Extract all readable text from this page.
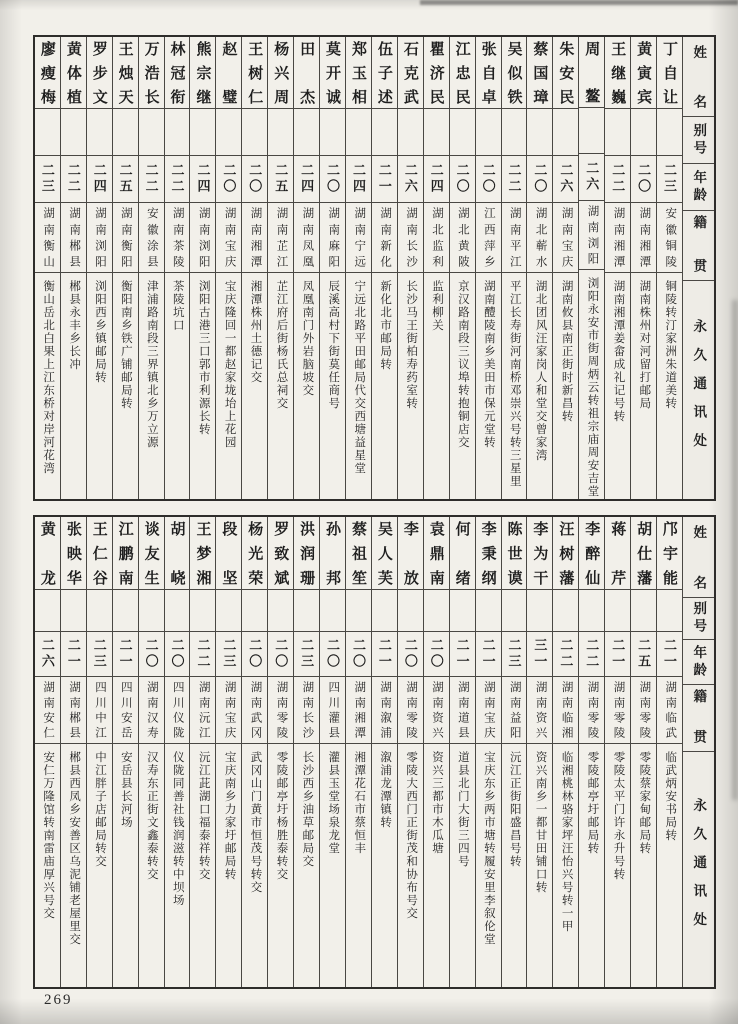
姓名
别号
年龄
籍贯
永久通讯处
丁自让
二三
安徽铜陵
铜陵转汀家洲朱道美转
黄寅宾
二〇
湖南湘潭
湖南株州对河留打邮局
王继巍
二二
湖南湘潭
湖南湘潭姜畲成礼记号转
周鳌
二六
湖南浏阳
浏阳永安市街周炳云转祖宗庙周安吉堂
朱安民
二六
湖南宝庆
湖南攸县南正街时新昌转
蔡国璋
二〇
湖北蕲水
湖北团风汪家岗人和堂交曾家湾
吴似铁
二二
湖南平江
平江长寿街河南桥邓崇兴号转三星里
张自卓
二〇
江西萍乡
湖南醴陵南乡美田市保元堂转
江忠民
二〇
湖北黄陂
京汉路南段三议埠转抱铜店交
瞿济民
二四
湖北监利
监利柳关
石克武
二六
湖南长沙
长沙马王街柏寿药室转
伍子述
二一
湖南新化
新化北市邮局转
郑玉相
二四
湖南宁远
宁远北路平田邮局代交西塘益星堂
莫开诚
二〇
湖南麻阳
辰溪高村下街莫任商号
田杰
二四
湖南凤凰
凤凰南门外岩脑坡交
杨兴周
二五
湖南芷江
芷江府后街杨氏总祠交
王树仁
二〇
湖南湘潭
湘潭株州土德记交
赵璧
二〇
湖南宝庆
宝庆隆回一都赵家垅坮上花园
熊宗继
二四
湖南浏阳
浏阳古港三口郭市利源长转
林冠衔
二二
湖南茶陵
茶陵坑口
万浩长
二二
安徽涂县
津浦路南段三界镇北乡万立源
王烛天
二五
湖南衡阳
衡阳南乡铁广铺邮局转
罗步文
二四
湖南浏阳
浏阳西乡镇邮局转
黄体植
二二
湖南郴县
郴县永丰乡长冲
廖瘦梅
二三
湖南衡山
衡山岳北白果上江东桥对岸河花湾
姓名
别号
年龄
籍贯
永久通讯处
邝宇能
二一
湖南临武
临武炳安书局转
胡仕藩
二五
湖南零陵
零陵蔡家甸邮局转
蒋芹
二一
湖南零陵
零陵太平门许永升号转
李醉仙
二二
湖南零陵
零陵邮亭圩邮局转
汪树藩
二二
湖南临湘
临湘桃林骆家坪汪怡兴号转一甲
李为干
三一
湖南资兴
资兴南乡一都甘田铺口转
陈世谟
二三
湖南益阳
沅江正街阳盛昌号转
李秉纲
二一
湖南宝庆
宝庆东乡两市塘转履安里李叙伦堂
何绪
二一
湖南道县
道县北门大街三四号
袁鼎南
二〇
湖南资兴
资兴三都市木瓜塘
李放
二〇
湖南零陵
零陵大西门正街茂和协布号交
吴人芙
二一
湖南溆浦
溆浦龙潭镇转
蔡祖笙
二〇
湖南湘潭
湘潭花石市蔡恒丰
孙邦
二〇
四川灌县
灌县玉堂场泉龙堂
洪润珊
二三
湖南长沙
长沙西乡油草邮局交
罗致斌
二〇
湖南零陵
零陵邮亭圩杨胜泰转交
杨光荣
二〇
湖南武冈
武冈山门黄市恒茂号转交
段坚
二三
湖南宝庆
宝庆南乡力家圩邮局转
王梦湘
二二
湖南沅江
沅江茈湖口福泰祥转交
胡峣
二〇
四川仪陇
仪陇同善社钱润滋转中坝场
谈友生
二〇
湖南汉寿
汉寿东正街文鑫泰转交
江鹏南
二一
四川安岳
安岳县长河场
王仁谷
二三
四川中江
中江胖子店邮局转交
张映华
二一
湖南郴县
郴县西凤乡安善区乌泥铺老屋里交
黄龙
二六
湖南安仁
安仁万隆馆转南雷庙厚兴号交
269
